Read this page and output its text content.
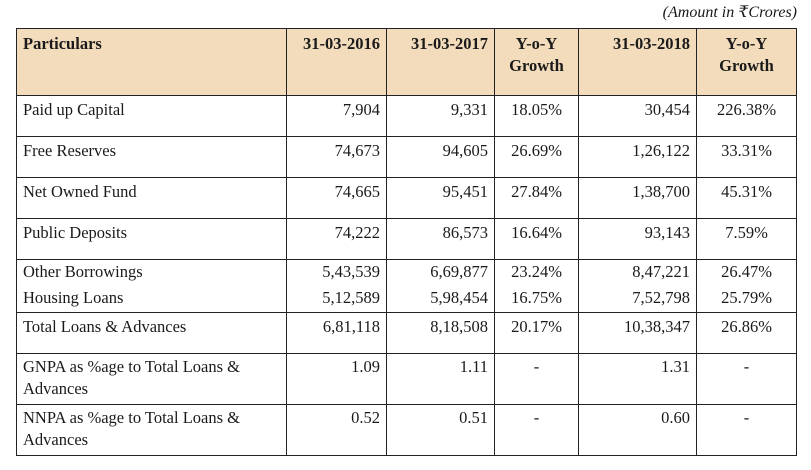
(Amount in ₹Crores)
Particulars	31-03-2016	31-03-2017	Y-o-Y Growth	31-03-2018	Y-o-Y Growth
Paid up Capital	7,904	9,331	18.05%	30,454	226.38%
Free Reserves	74,673	94,605	26.69%	1,26,122	33.31%
Net Owned Fund	74,665	95,451	27.84%	1,38,700	45.31%
Public Deposits	74,222	86,573	16.64%	93,143	7.59%
Other Borrowings	5,43,539	6,69,877	23.24%	8,47,221	26.47%
Housing Loans	5,12,589	5,98,454	16.75%	7,52,798	25.79%
Total Loans & Advances	6,81,118	8,18,508	20.17%	10,38,347	26.86%
GNPA as %age to Total Loans & Advances	1.09	1.11	-	1.31	-
NNPA as %age to Total Loans & Advances	0.52	0.51	-	0.60	-
